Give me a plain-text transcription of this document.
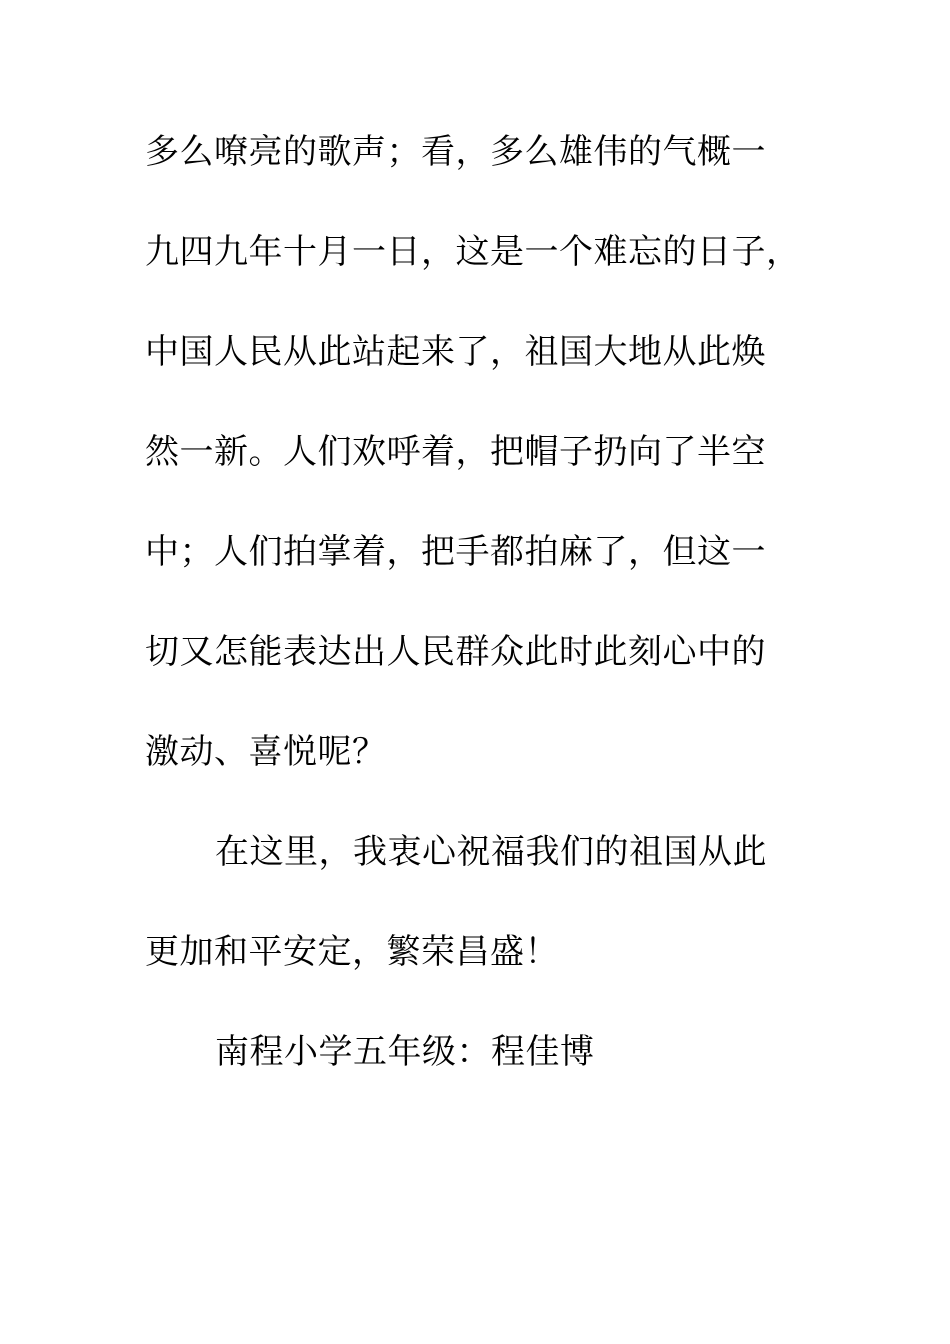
多么嘹亮的歌声；看，多么雄伟的气概一
九四九年十月一日，这是一个难忘的日子，
中国人民从此站起来了，祖国大地从此焕
然一新。人们欢呼着，把帽子扔向了半空
中；人们拍掌着，把手都拍麻了，但这一
切又怎能表达出人民群众此时此刻心中的
激动、喜悦呢？
在这里，我衷心祝福我们的祖国从此
更加和平安定，繁荣昌盛！
南程小学五年级：程佳博
